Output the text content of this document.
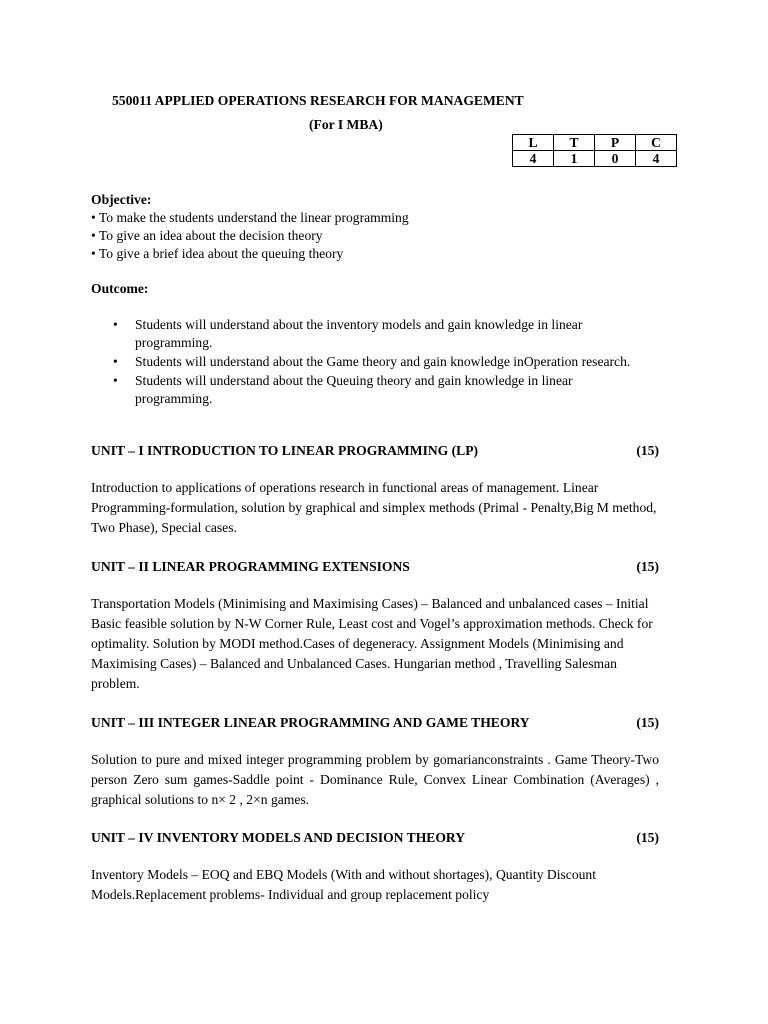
550011 APPLIED OPERATIONS RESEARCH FOR MANAGEMENT
(For I MBA)
L	T	P	C
4	1	0	4
Objective:
• To make the students understand the linear programming
• To give an idea about the decision theory
• To give a brief idea about the queuing theory
Outcome:
• Students will understand about the inventory models and gain knowledge in linear programming.
• Students will understand about the Game theory and gain knowledge inOperation research.
• Students will understand about the Queuing theory and gain knowledge in linear programming.
UNIT – I INTRODUCTION TO LINEAR PROGRAMMING (LP)	(15)
Introduction to applications of operations research in functional areas of management. Linear Programming-formulation, solution by graphical and simplex methods (Primal - Penalty,Big M method, Two Phase), Special cases.
UNIT – II LINEAR PROGRAMMING EXTENSIONS	(15)
Transportation Models (Minimising and Maximising Cases) – Balanced and unbalanced cases – Initial Basic feasible solution by N-W Corner Rule, Least cost and Vogel’s approximation methods. Check for optimality. Solution by MODI method.Cases of degeneracy. Assignment Models (Minimising and Maximising Cases) – Balanced and Unbalanced Cases. Hungarian method , Travelling Salesman problem.
UNIT – III INTEGER LINEAR PROGRAMMING AND GAME THEORY	(15)
Solution to pure and mixed integer programming problem by gomarianconstraints . Game Theory-Two person Zero sum games-Saddle point - Dominance Rule, Convex Linear Combination (Averages) , graphical solutions to n× 2 , 2×n games.
UNIT – IV INVENTORY MODELS AND DECISION THEORY	(15)
Inventory Models – EOQ and EBQ Models (With and without shortages), Quantity Discount Models.Replacement problems- Individual and group replacement policy
